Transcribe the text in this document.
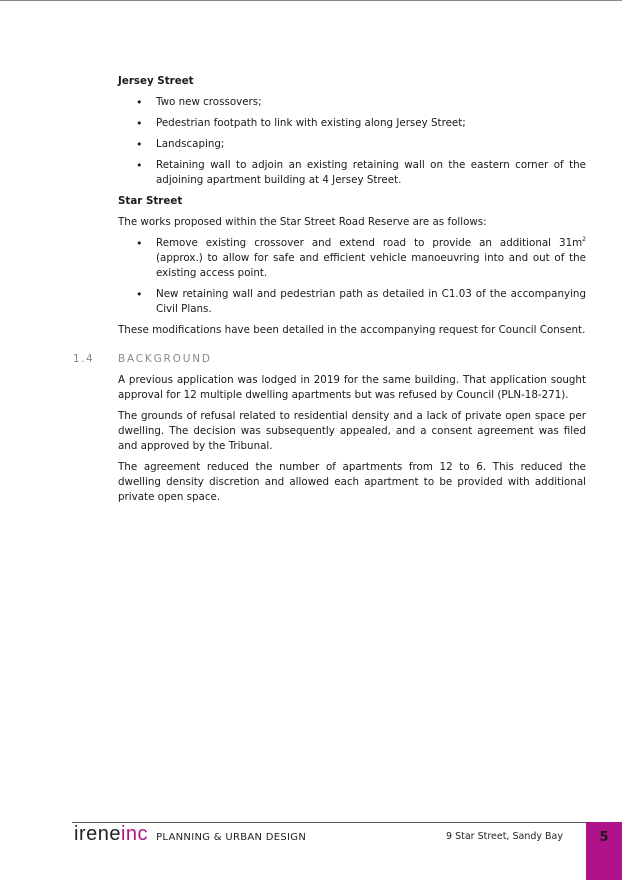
Jersey Street
• Two new crossovers;
• Pedestrian footpath to link with existing along Jersey Street;
• Landscaping;
• Retaining wall to adjoin an existing retaining wall on the eastern corner of the adjoining apartment building at 4 Jersey Street.
Star Street

The works proposed within the Star Street Road Reserve are as follows:

• Remove existing crossover and extend road to provide an additional $31m^2$ (approx.) to allow for safe and efficient vehicle manoeuvring into and out of the existing access point.
• New retaining wall and pedestrian path as detailed in C1.03 of the accompanying Civil Plans.

These modifications have been detailed in the accompanying request for Council Consent.

1.4 BACKGROUND

A previous application was lodged in 2019 for the same building. That application sought approval for 12 multiple dwelling apartments but was refused by Council (PLN-18-271).

The grounds of refusal related to residential density and a lack of private open space per dwelling. The decision was subsequently appealed, and a consent agreement was filed and approved by the Tribunal.

The agreement reduced the number of apartments from 12 to 6. This reduced the dwelling density discretion and allowed each apartment to be provided with additional private open space.

ireneinc PLANNING & URBAN DESIGN	9 Star Street, Sandy Bay	5
